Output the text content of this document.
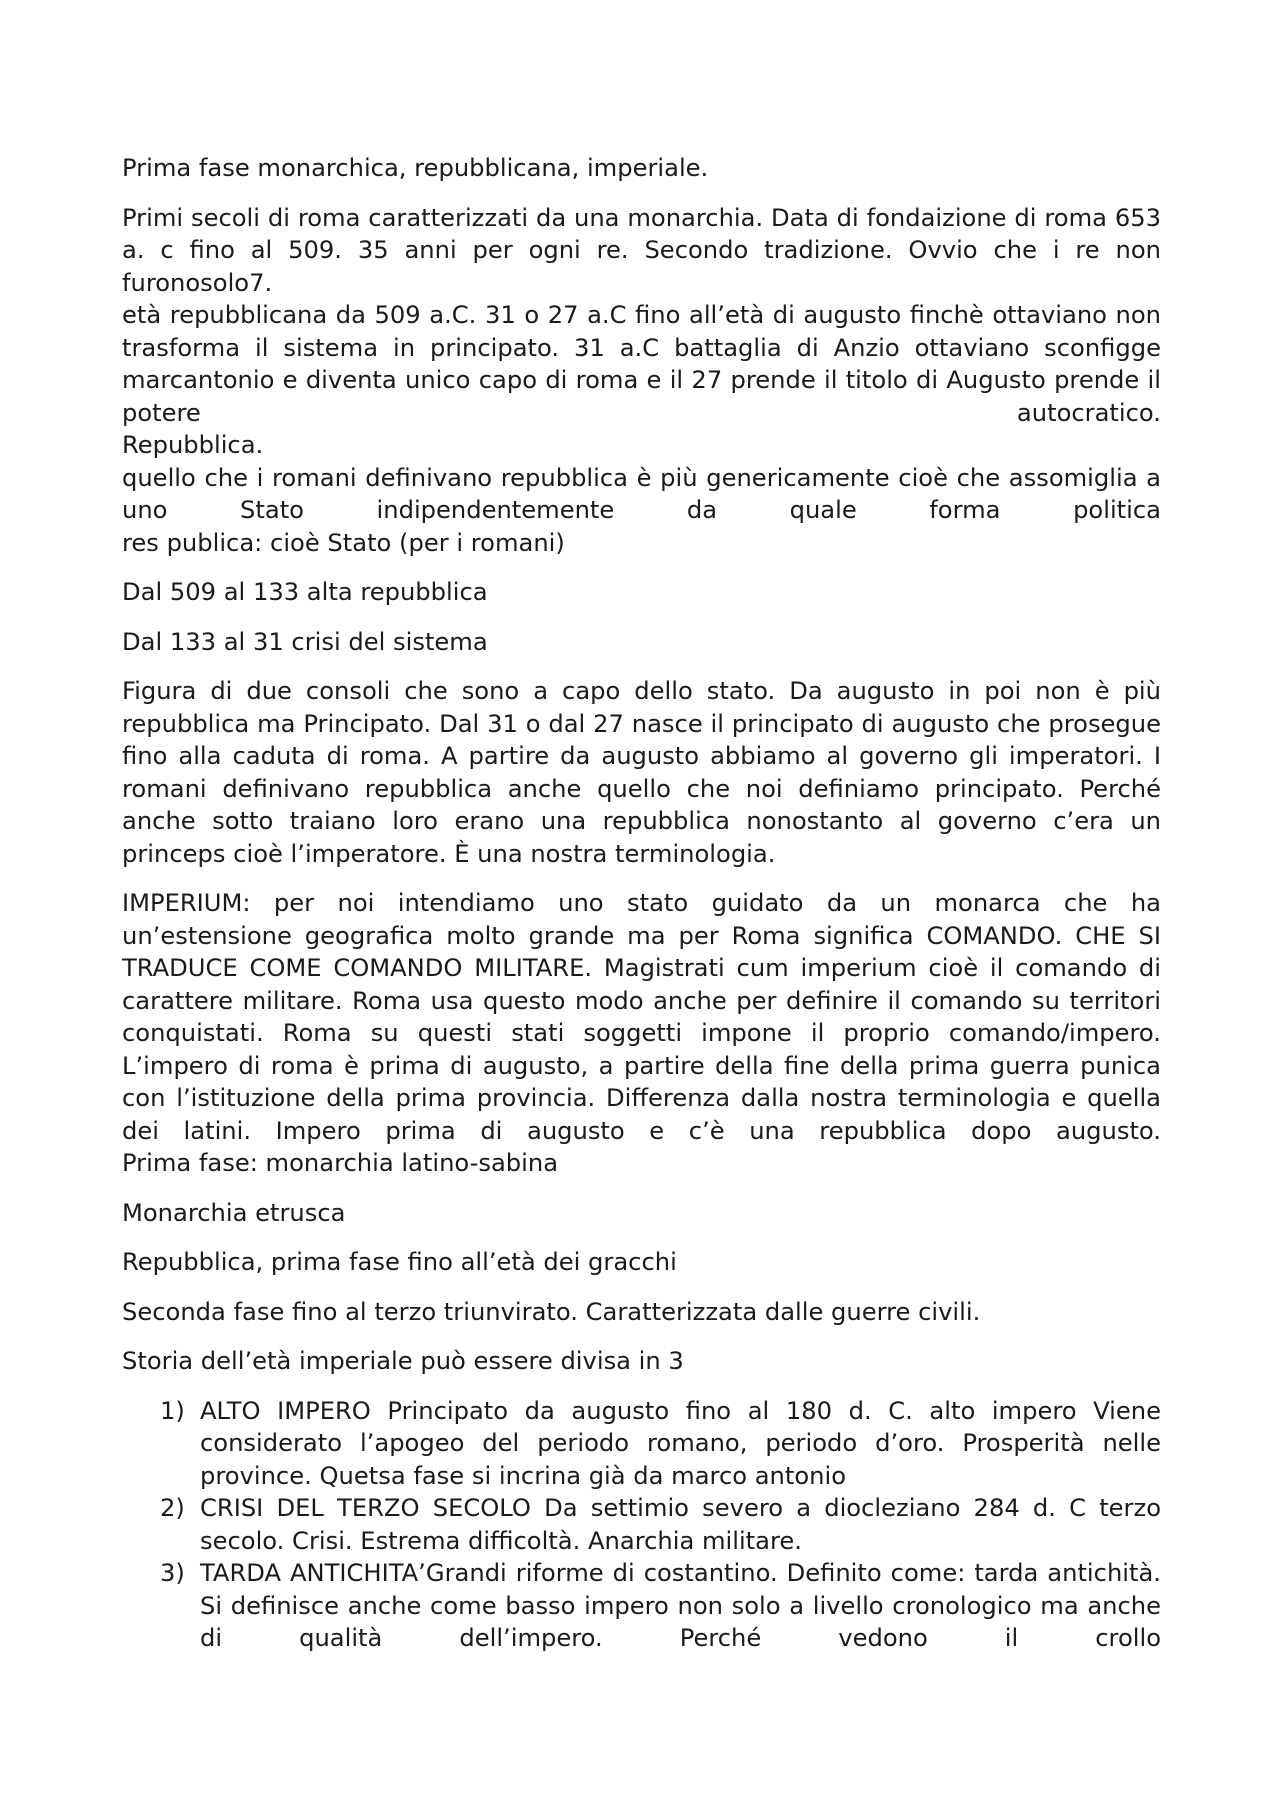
Prima fase monarchica, repubblicana, imperiale.

Primi secoli di roma caratterizzati da una monarchia. Data di fondaizione di roma 653 a. c fino al 509. 35 anni per ogni re. Secondo tradizione. Ovvio che i re non furonosolo7.
età repubblicana da 509 a.C. 31 o 27 a.C fino all’età di augusto finchè ottaviano non trasforma il sistema in principato. 31 a.C battaglia di Anzio ottaviano sconfigge marcantonio e diventa unico capo di roma e il 27 prende il titolo di Augusto prende il potere autocratico.
Repubblica.
quello che i romani definivano repubblica è più genericamente cioè che assomiglia a uno Stato indipendentemente da quale forma politica
res publica: cioè Stato (per i romani)

Dal 509 al 133 alta repubblica

Dal 133 al 31 crisi del sistema

Figura di due consoli che sono a capo dello stato. Da augusto in poi non è più repubblica ma Principato. Dal 31 o dal 27 nasce il principato di augusto che prosegue fino alla caduta di roma. A partire da augusto abbiamo al governo gli imperatori. I romani definivano repubblica anche quello che noi definiamo principato. Perché anche sotto traiano loro erano una repubblica nonostanto al governo c’era un princeps cioè l’imperatore. È una nostra terminologia.

IMPERIUM: per noi intendiamo uno stato guidato da un monarca che ha un’estensione geografica molto grande ma per Roma significa COMANDO. CHE SI TRADUCE COME COMANDO MILITARE. Magistrati cum imperium cioè il comando di carattere militare. Roma usa questo modo anche per definire il comando su territori conquistati. Roma su questi stati soggetti impone il proprio comando/impero. L’impero di roma è prima di augusto, a partire della fine della prima guerra punica con l’istituzione della prima provincia. Differenza dalla nostra terminologia e quella dei latini. Impero prima di augusto e c’è una repubblica dopo augusto.
Prima fase: monarchia latino-sabina

Monarchia etrusca

Repubblica, prima fase fino all’età dei gracchi

Seconda fase fino al terzo triunvirato. Caratterizzata dalle guerre civili.

Storia dell’età imperiale può essere divisa in 3

1) ALTO IMPERO Principato da augusto fino al 180 d. C. alto impero Viene considerato l’apogeo del periodo romano, periodo d’oro. Prosperità nelle province. Quetsa fase si incrina già da marco antonio
2) CRISI DEL TERZO SECOLO Da settimio severo a diocleziano 284 d. C terzo secolo. Crisi. Estrema difficoltà. Anarchia militare.
3) TARDA ANTICHITA’Grandi riforme di costantino. Definito come: tarda antichità. Si definisce anche come basso impero non solo a livello cronologico ma anche di qualità dell’impero. Perché vedono il crollo
